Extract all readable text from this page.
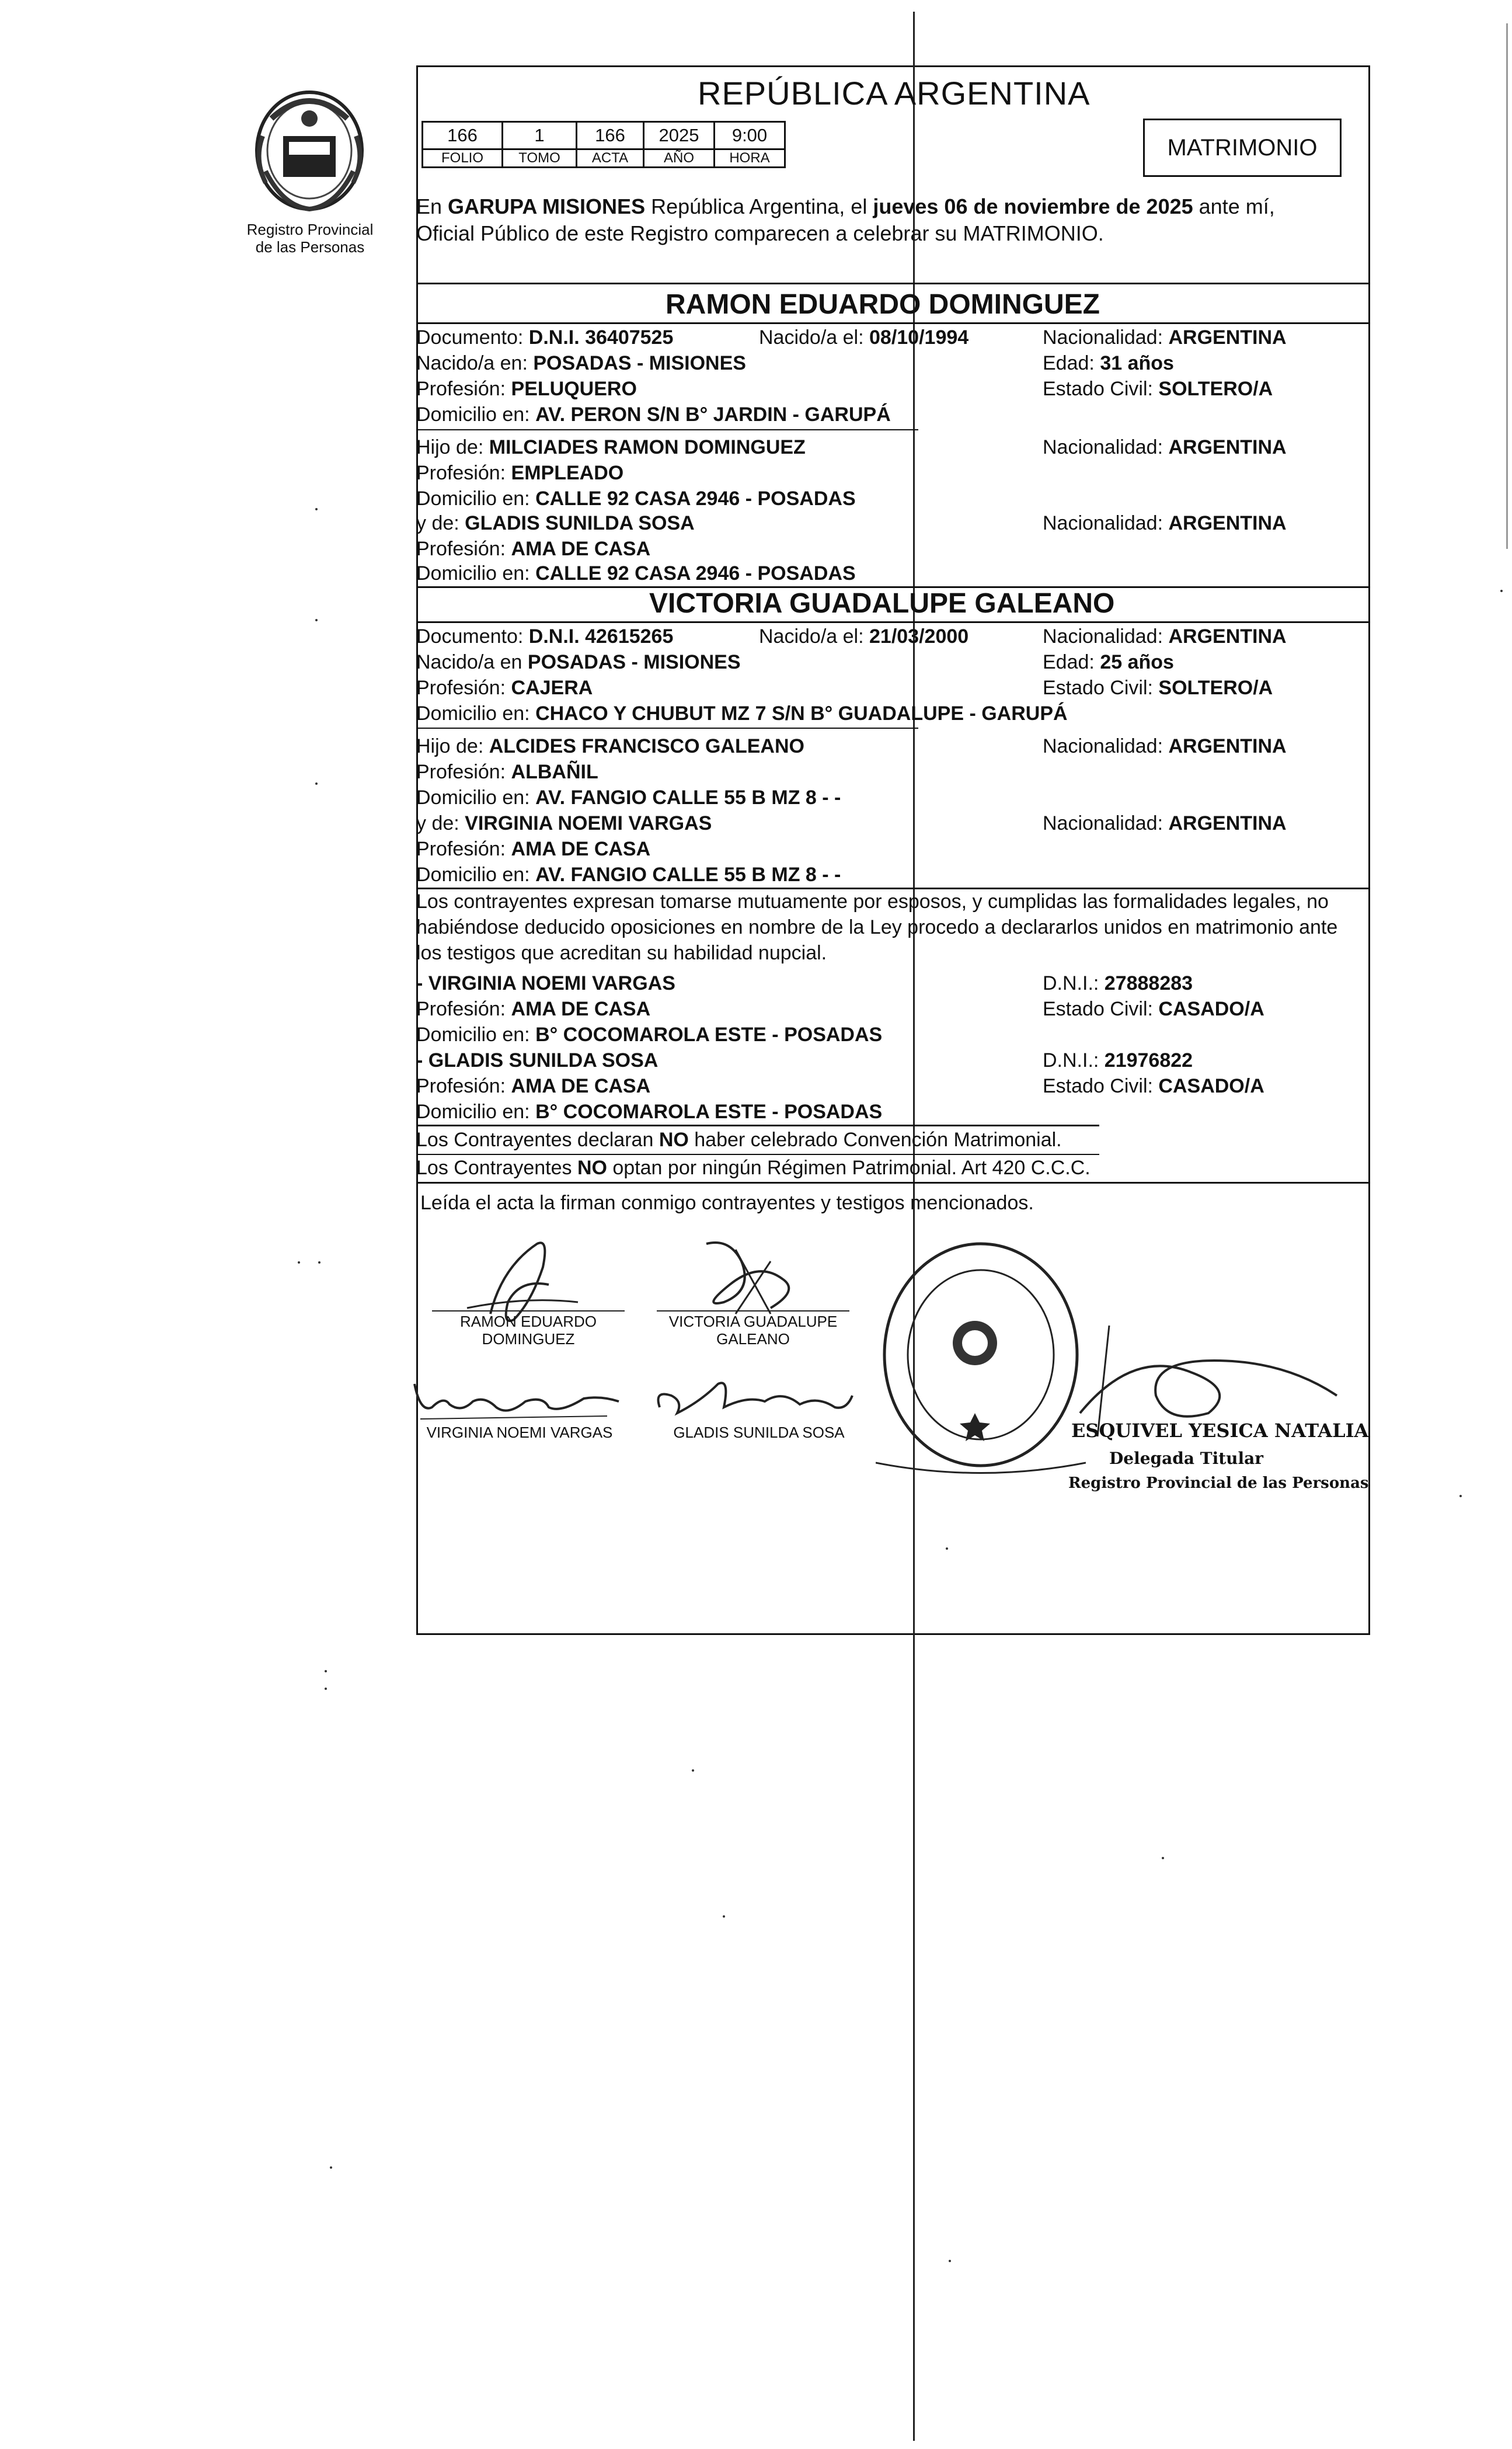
Registro Provincial
de las Personas
REPÚBLICA ARGENTINA
166	1	166	2025	9:00
FOLIO	TOMO	ACTA	AÑO	HORA	MATRIMONIO
En GARUPA MISIONES República Argentina, el jueves 06 de noviembre de 2025 ante mí,
Oficial Público de este Registro comparecen a celebrar su MATRIMONIO.
RAMON EDUARDO DOMINGUEZ
Documento: D.N.I. 36407525	Nacido/a el: 08/10/1994	Nacionalidad: ARGENTINA
Nacido/a en: POSADAS - MISIONES	Edad: 31 años
Profesión: PELUQUERO	Estado Civil: SOLTERO/A
Domicilio en: AV. PERON S/N B° JARDIN - GARUPÁ
Hijo de: MILCIADES RAMON DOMINGUEZ	Nacionalidad: ARGENTINA
Profesión: EMPLEADO
Domicilio en: CALLE 92 CASA 2946 - POSADAS
y de: GLADIS SUNILDA SOSA	Nacionalidad: ARGENTINA
Profesión: AMA DE CASA
Domicilio en: CALLE 92 CASA 2946 - POSADAS
VICTORIA GUADALUPE GALEANO
Documento: D.N.I. 42615265	Nacido/a el: 21/03/2000	Nacionalidad: ARGENTINA
Nacido/a en POSADAS - MISIONES	Edad: 25 años
Profesión: CAJERA	Estado Civil: SOLTERO/A
Domicilio en: CHACO Y CHUBUT MZ 7 S/N B° GUADALUPE - GARUPÁ
Hijo de: ALCIDES FRANCISCO GALEANO	Nacionalidad: ARGENTINA
Profesión: ALBAÑIL
Domicilio en: AV. FANGIO CALLE 55 B MZ 8 - -
y de: VIRGINIA NOEMI VARGAS	Nacionalidad: ARGENTINA
Profesión: AMA DE CASA
Domicilio en: AV. FANGIO CALLE 55 B MZ 8 - -
Los contrayentes expresan tomarse mutuamente por esposos, y cumplidas las formalidades legales, no
habiéndose deducido oposiciones en nombre de la Ley procedo a declararlos unidos en matrimonio ante
los testigos que acreditan su habilidad nupcial.
- VIRGINIA NOEMI VARGAS	D.N.I.: 27888283
Profesión: AMA DE CASA	Estado Civil: CASADO/A
Domicilio en: B° COCOMAROLA ESTE - POSADAS
- GLADIS SUNILDA SOSA	D.N.I.: 21976822
Profesión: AMA DE CASA	Estado Civil: CASADO/A
Domicilio en: B° COCOMAROLA ESTE - POSADAS
Los Contrayentes declaran NO haber celebrado Convención Matrimonial.
Los Contrayentes NO optan por ningún Régimen Patrimonial. Art 420 C.C.C.
Leída el acta la firman conmigo contrayentes y testigos mencionados.
RAMON EDUARDO
DOMINGUEZ
VICTORIA GUADALUPE
GALEANO
VIRGINIA NOEMI VARGAS	GLADIS SUNILDA SOSA	ESQUIVEL YESICA NATALIA
Delegada Titular
Registro Provincial de las Personas
